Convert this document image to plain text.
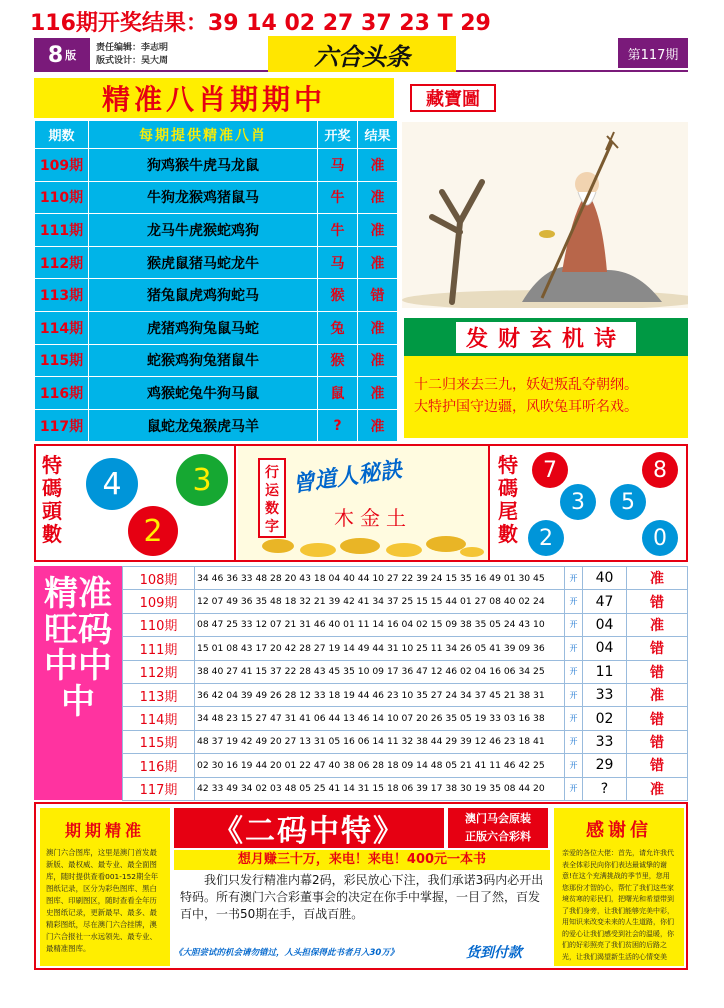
116期开奖结果：39 14 02 27 37 23 T 29
8 版
责任编辑：李志明
版式设计：吴大周	六合头条	第117期
精准八肖期期中	藏寶圖
期数	每期提供精准八肖	开奖	结果
109期	狗鸡猴牛虎马龙鼠	马	准
110期	牛狗龙猴鸡猪鼠马	牛	准
111期	龙马牛虎猴蛇鸡狗	牛	准
112期	猴虎鼠猪马蛇龙牛	马	准
113期	猪兔鼠虎鸡狗蛇马	猴	错
114期	虎猪鸡狗兔鼠马蛇	兔	准
115期	蛇猴鸡狗兔猪鼠牛	猴	准
116期	鸡猴蛇兔牛狗马鼠	鼠	准
117期	鼠蛇龙兔猴虎马羊	?	准
发财玄机诗
十二归来去三九，妖妃叛乱夺朝纲。
大特护国守边疆，风吹兔耳听名戏。
特碼頭數
4	3
2
行运数字
曾道人秘訣
木金土
特碼尾數
7	8
3	5
2	0
精准旺码中中中
108期	34 46 36 33 48 28 20 43 18 04 40 44 10 27 22 39 24 15 35 16 49 01 30 45	开	40	准
109期	12 07 49 36 35 48 18 32 21 39 42 41 34 37 25 15 15 44 01 27 08 40 02 24	开	47	错
110期	08 47 25 33 12 07 21 31 46 40 01 11 14 16 04 02 15 09 38 35 05 24 43 10	开	04	准
111期	15 01 08 43 17 20 42 28 27 19 14 49 44 31 10 25 11 34 26 05 41 39 09 36	开	04	错
112期	38 40 27 41 15 37 22 28 43 45 35 10 09 17 36 47 12 46 02 04 16 06 34 25	开	11	错
113期	36 42 04 39 49 26 28 12 33 18 19 44 46 23 10 35 27 24 34 37 45 21 38 31	开	33	准
114期	34 48 23 15 27 47 31 41 06 44 13 46 14 10 07 20 26 35 05 19 33 03 16 38	开	02	错
115期	48 37 19 42 49 20 27 13 31 05 16 06 14 11 32 38 44 29 39 12 46 23 18 41	开	33	错
116期	02 30 16 19 44 20 01 22 47 40 38 06 28 18 09 14 48 05 21 41 11 46 42 25	开	29	错
117期	42 33 49 34 02 03 48 05 25 41 14 31 15 18 06 39 17 38 30 19 35 08 44 20	开	?	准
期期精准

澳门六合图库，这里是澳门首发最新版、最权威、最专业、最全面图库，随时提供查看001-152期全年图纸记录，区分为彩色图库、黑白图库、印刷图区，随时查看全年历史图纸记录，更新最早、最多、最精彩图纸，尽在澳门六合挂牌，澳门六合报社一水远领先、最专业、最精准图库。

《二码中特》	澳门马会原装
正版六合彩料
想月赚三十万，来电！来电！400元一本书
我们只发行精准内幕2码，彩民放心下注，我们承诺3码内必开出特码。所有澳门六合彩董事会的决定在你手中掌握，一目了然，百发百中，一书50期在手，百战百胜。
《大胆尝试的机会请勿错过，人头担保得此书者月入30万》	货到付款
感谢信

亲爱的各位大佬：首先，请允许我代表全体彩民向你们表达最诚挚的谢意!在这个充满挑战的季节里，您用您那份才智的心，帮忙了我们这些家境贫寒的彩民们，把曙光和希望带到了我们身旁，让我们能够完美中彩，用知识来改变未来的人生道路，你们的爱心让我们感受到社会的温暖，你们的好彩照亮了我们贫困的后路之光，让我们渴望新生活的心情变美
